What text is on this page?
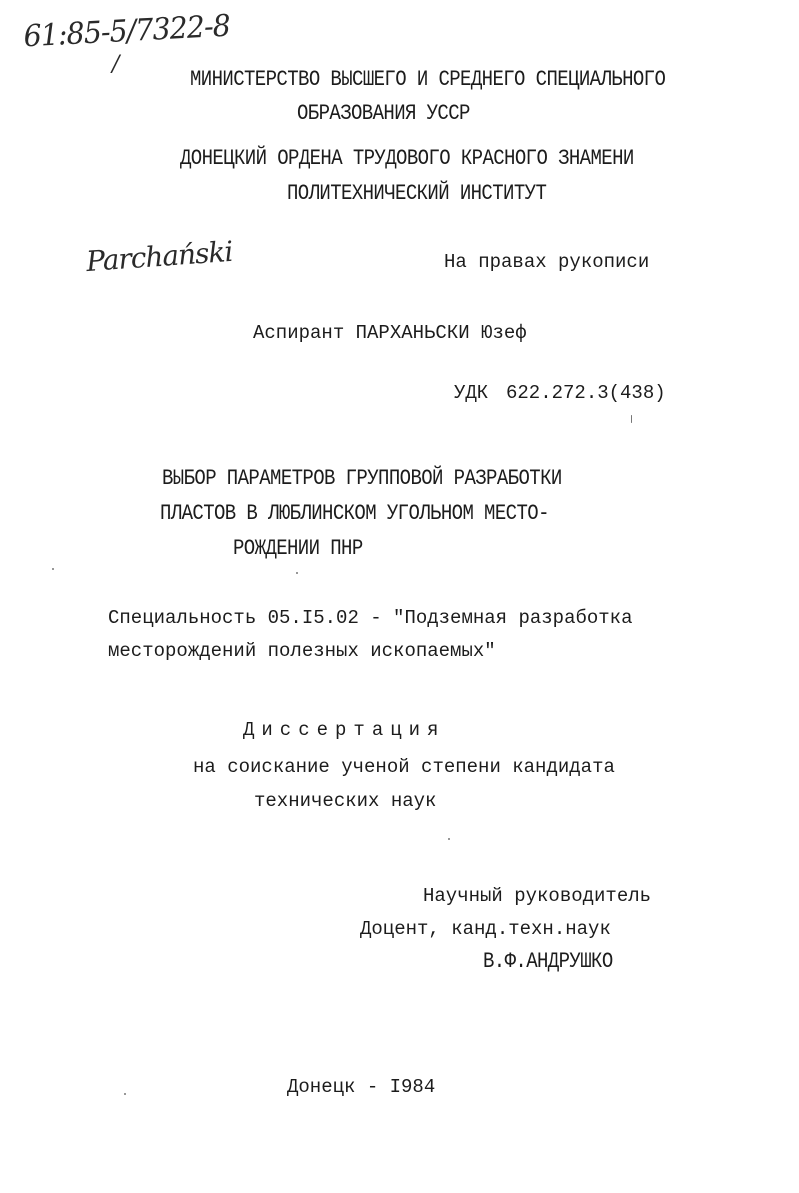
61:85-5/7322-8
/
МИНИСТЕРСТВО ВЫСШЕГО И СРЕДНЕГО СПЕЦИАЛЬНОГО
ОБРАЗОВАНИЯ УССР
ДОНЕЦКИЙ ОРДЕНА ТРУДОВОГО КРАСНОГО ЗНАМЕНИ
ПОЛИТЕХНИЧЕСКИЙ ИНСТИТУТ
Parchański	На правах рукописи
Аспирант ПАРХАНЬСКИ Юзеф
УДК 622.272.3(438)
ВЫБОР ПАРАМЕТРОВ ГРУППОВОЙ РАЗРАБОТКИ
ПЛАСТОВ В ЛЮБЛИНСКОМ УГОЛЬНОМ МЕСТО-
РОЖДЕНИИ ПНР
Специальность 05.I5.02 - "Подземная разработка
месторождений полезных ископаемых"
Диссертация
на соискание ученой степени кандидата
технических наук
Научный руководитель
Доцент, канд.техн.наук
В.Ф.АНДРУШКО
Донецк - I984
